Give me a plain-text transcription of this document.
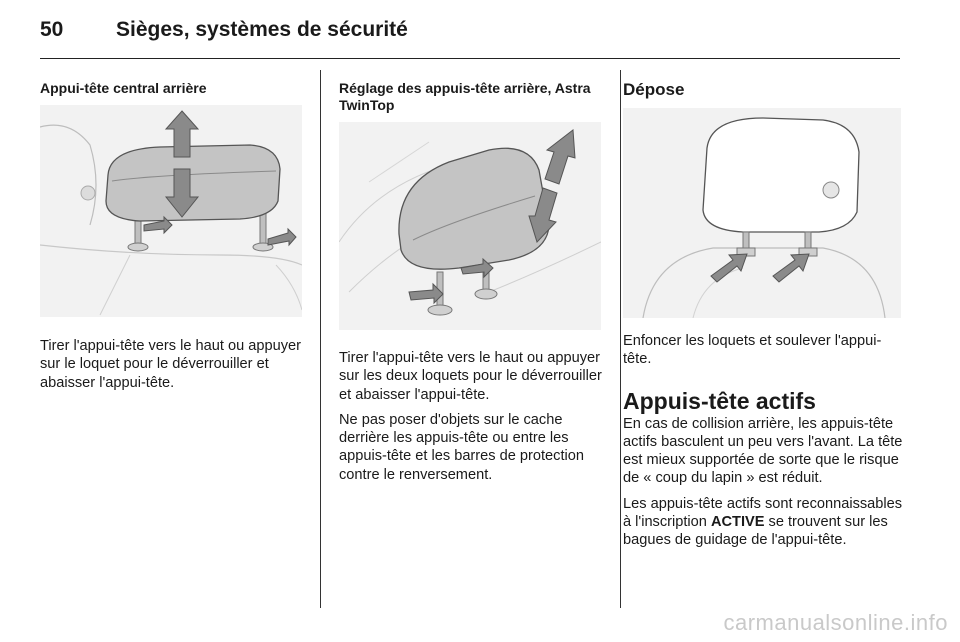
50	Sièges, systèmes de sécurité
Appui-tête central arrière

Tirer l'appui-tête vers le haut ou appuyer sur le loquet pour le déverrouiller et abaisser l'appui-tête.

Réglage des appuis-tête arrière, Astra TwinTop

Tirer l'appui-tête vers le haut ou appuyer sur les deux loquets pour le déverrouiller et abaisser l'appui-tête.

Ne pas poser d'objets sur le cache derrière les appuis-tête ou entre les appuis-tête et les barres de protection contre le renversement.

Dépose

Enfoncer les loquets et soulever l'appui-tête.

Appuis-tête actifs

En cas de collision arrière, les appuis-tête actifs basculent un peu vers l'avant. La tête est mieux supportée de sorte que le risque de « coup du lapin » est réduit.

Les appuis-tête actifs sont reconnaissables à l'inscription ACTIVE se trouvent sur les bagues de guidage de l'appui-tête.

carmanualsonline.info
